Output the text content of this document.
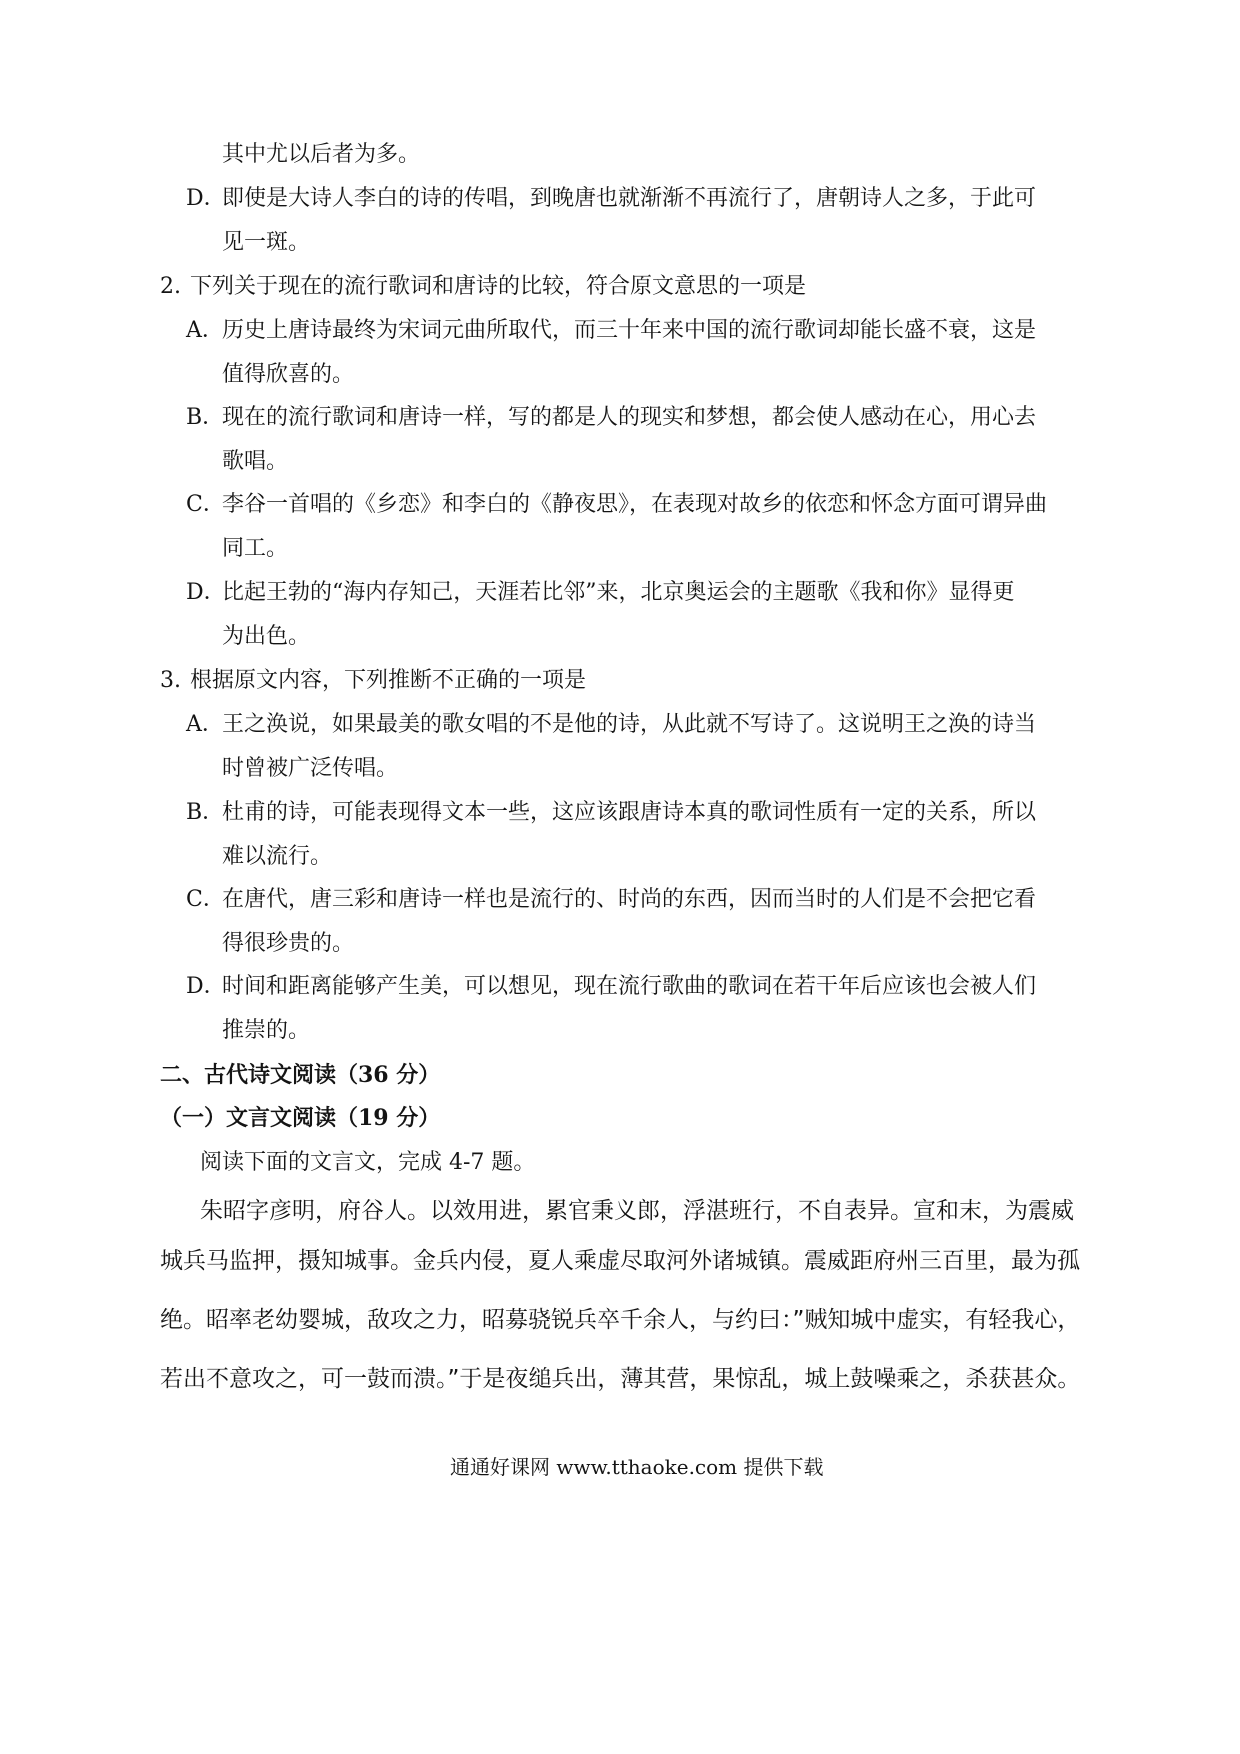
其中尤以后者为多。
D．即使是大诗人李白的诗的传唱，到晚唐也就渐渐不再流行了，唐朝诗人之多，于此可
见一斑。
2. 下列关于现在的流行歌词和唐诗的比较，符合原文意思的一项是
A．历史上唐诗最终为宋词元曲所取代，而三十年来中国的流行歌词却能长盛不衰，这是
值得欣喜的。
B．现在的流行歌词和唐诗一样，写的都是人的现实和梦想，都会使人感动在心，用心去
歌唱。
C．李谷一首唱的《乡恋》和李白的《静夜思》，在表现对故乡的依恋和怀念方面可谓异曲
同工。
D．比起王勃的“海内存知己，天涯若比邻”来，北京奥运会的主题歌《我和你》显得更
为出色。
3. 根据原文内容，下列推断不正确的一项是
A．王之涣说，如果最美的歌女唱的不是他的诗，从此就不写诗了。这说明王之涣的诗当
时曾被广泛传唱。
B．杜甫的诗，可能表现得文本一些，这应该跟唐诗本真的歌词性质有一定的关系，所以
难以流行。
C．在唐代，唐三彩和唐诗一样也是流行的、时尚的东西，因而当时的人们是不会把它看
得很珍贵的。
D．时间和距离能够产生美，可以想见，现在流行歌曲的歌词在若干年后应该也会被人们
推崇的。
二、古代诗文阅读（36 分）
（一）文言文阅读（19 分）
阅读下面的文言文，完成 4-7 题。
朱昭字彦明，府谷人。以效用进，累官秉义郎，浮湛班行，不自表异。宣和末，为震威
城兵马监押，摄知城事。金兵内侵，夏人乘虚尽取河外诸城镇。震威距府州三百里，最为孤
绝。昭率老幼婴城，敌攻之力，昭募骁锐兵卒千余人，与约曰：”贼知城中虚实，有轻我心，
若出不意攻之，可一鼓而溃。”于是夜缒兵出，薄其营，果惊乱，城上鼓噪乘之，杀获甚众。
通通好课网 www.tthaoke.com 提供下载
